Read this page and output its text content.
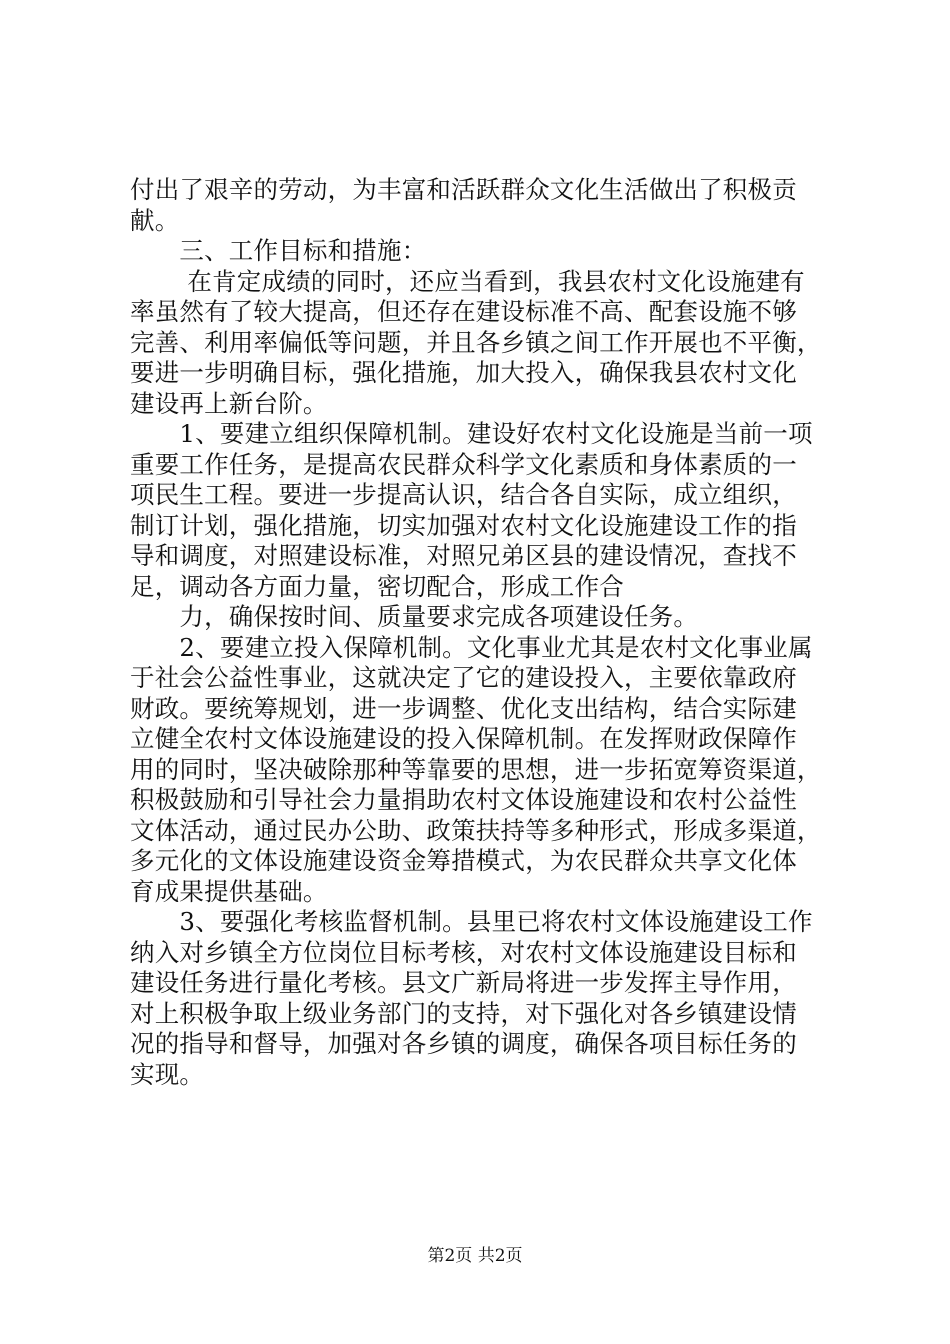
付出了艰辛的劳动，为丰富和活跃群众文化生活做出了积极贡
献。
　　三、工作目标和措施：
　　 在肯定成绩的同时，还应当看到，我县农村文化设施建有
率虽然有了较大提高，但还存在建设标准不高、配套设施不够
完善、利用率偏低等问题，并且各乡镇之间工作开展也不平衡，
要进一步明确目标，强化措施，加大投入，确保我县农村文化
建设再上新台阶。
　　1、要建立组织保障机制。建设好农村文化设施是当前一项
重要工作任务，是提高农民群众科学文化素质和身体素质的一
项民生工程。要进一步提高认识，结合各自实际，成立组织，
制订计划，强化措施，切实加强对农村文化设施建设工作的指
导和调度，对照建设标准，对照兄弟区县的建设情况，查找不
足，调动各方面力量，密切配合，形成工作合
　　力，确保按时间、质量要求完成各项建设任务。
　　2、要建立投入保障机制。文化事业尤其是农村文化事业属
于社会公益性事业，这就决定了它的建设投入，主要依靠政府
财政。要统筹规划，进一步调整、优化支出结构，结合实际建
立健全农村文体设施建设的投入保障机制。在发挥财政保障作
用的同时，坚决破除那种等靠要的思想，进一步拓宽筹资渠道，
积极鼓励和引导社会力量捐助农村文体设施建设和农村公益性
文体活动，通过民办公助、政策扶持等多种形式，形成多渠道，
多元化的文体设施建设资金筹措模式，为农民群众共享文化体
育成果提供基础。
　　3、要强化考核监督机制。县里已将农村文体设施建设工作
纳入对乡镇全方位岗位目标考核，对农村文体设施建设目标和
建设任务进行量化考核。县文广新局将进一步发挥主导作用，
对上积极争取上级业务部门的支持，对下强化对各乡镇建设情
况的指导和督导，加强对各乡镇的调度，确保各项目标任务的
实现。
第2页 共2页
